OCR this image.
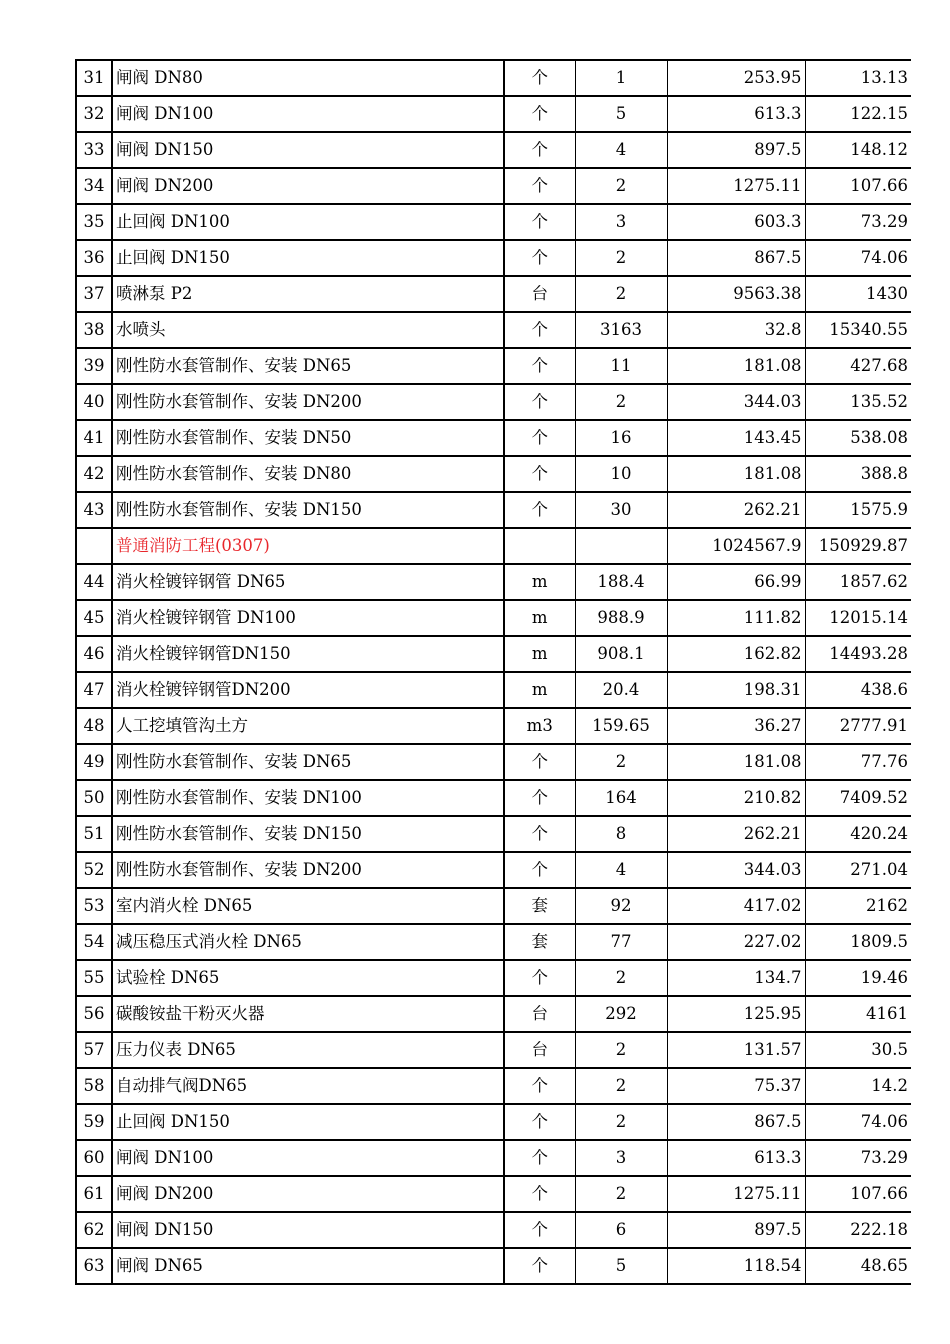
31	闸阀 DN80	个	1	253.95	13.13
32	闸阀 DN100	个	5	613.3	122.15
33	闸阀 DN150	个	4	897.5	148.12
34	闸阀 DN200	个	2	1275.11	107.66
35	止回阀 DN100	个	3	603.3	73.29
36	止回阀 DN150	个	2	867.5	74.06
37	喷淋泵 P2	台	2	9563.38	1430
38	水喷头	个	3163	32.8	15340.55
39	刚性防水套管制作、安装 DN65	个	11	181.08	427.68
40	刚性防水套管制作、安装 DN200	个	2	344.03	135.52
41	刚性防水套管制作、安装 DN50	个	16	143.45	538.08
42	刚性防水套管制作、安装 DN80	个	10	181.08	388.8
43	刚性防水套管制作、安装 DN150	个	30	262.21	1575.9
	普通消防工程(0307)			1024567.9	150929.87
44	消火栓镀锌钢管 DN65	m	188.4	66.99	1857.62
45	消火栓镀锌钢管 DN100	m	988.9	111.82	12015.14
46	消火栓镀锌钢管DN150	m	908.1	162.82	14493.28
47	消火栓镀锌钢管DN200	m	20.4	198.31	438.6
48	人工挖填管沟土方	m3	159.65	36.27	2777.91
49	刚性防水套管制作、安装 DN65	个	2	181.08	77.76
50	刚性防水套管制作、安装 DN100	个	164	210.82	7409.52
51	刚性防水套管制作、安装 DN150	个	8	262.21	420.24
52	刚性防水套管制作、安装 DN200	个	4	344.03	271.04
53	室内消火栓 DN65	套	92	417.02	2162
54	减压稳压式消火栓 DN65	套	77	227.02	1809.5
55	试验栓 DN65	个	2	134.7	19.46
56	碳酸铵盐干粉灭火器	台	292	125.95	4161
57	压力仪表 DN65	台	2	131.57	30.5
58	自动排气阀DN65	个	2	75.37	14.2
59	止回阀 DN150	个	2	867.5	74.06
60	闸阀 DN100	个	3	613.3	73.29
61	闸阀 DN200	个	2	1275.11	107.66
62	闸阀 DN150	个	6	897.5	222.18
63	闸阀 DN65	个	5	118.54	48.65
